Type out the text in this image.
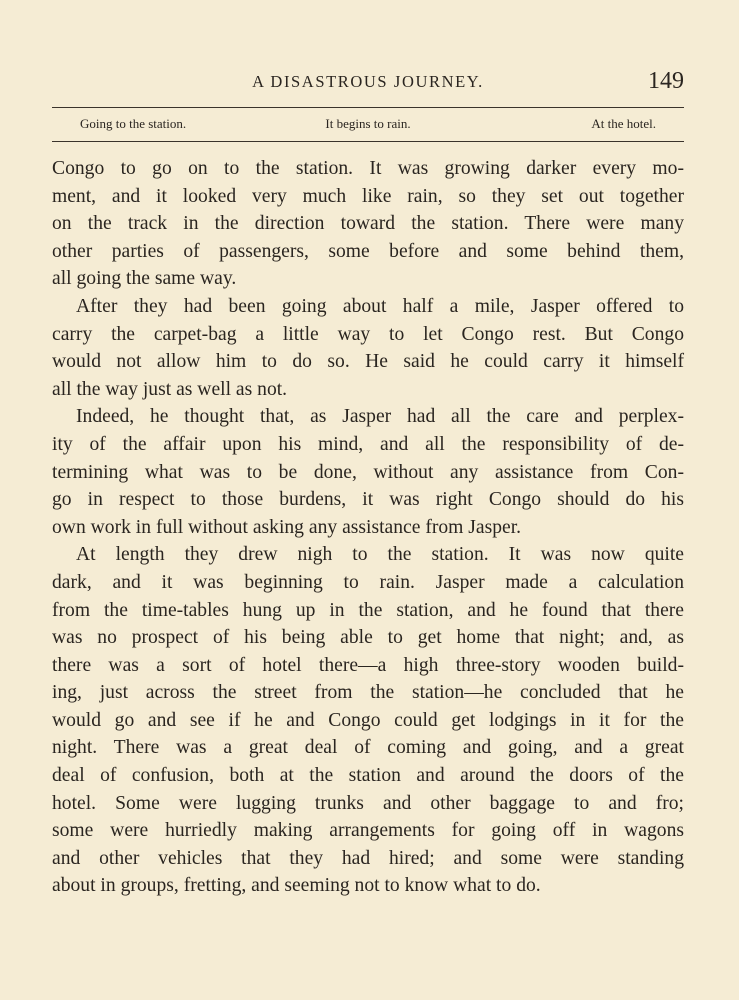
A DISASTROUS JOURNEY.	149
Going to the station.	It begins to rain.	At the hotel.
Congo to go on to the station. It was growing darker every mo-
ment, and it looked very much like rain, so they set out together
on the track in the direction toward the station. There were many
other parties of passengers, some before and some behind them,
all going the same way.
After they had been going about half a mile, Jasper offered to
carry the carpet-bag a little way to let Congo rest. But Congo
would not allow him to do so. He said he could carry it himself
all the way just as well as not.
Indeed, he thought that, as Jasper had all the care and perplex-
ity of the affair upon his mind, and all the responsibility of de-
termining what was to be done, without any assistance from Con-
go in respect to those burdens, it was right Congo should do his
own work in full without asking any assistance from Jasper.
At length they drew nigh to the station. It was now quite
dark, and it was beginning to rain. Jasper made a calculation
from the time-tables hung up in the station, and he found that there
was no prospect of his being able to get home that night; and, as
there was a sort of hotel there—a high three-story wooden build-
ing, just across the street from the station—he concluded that he
would go and see if he and Congo could get lodgings in it for the
night. There was a great deal of coming and going, and a great
deal of confusion, both at the station and around the doors of the
hotel. Some were lugging trunks and other baggage to and fro;
some were hurriedly making arrangements for going off in wagons
and other vehicles that they had hired; and some were standing
about in groups, fretting, and seeming not to know what to do.
